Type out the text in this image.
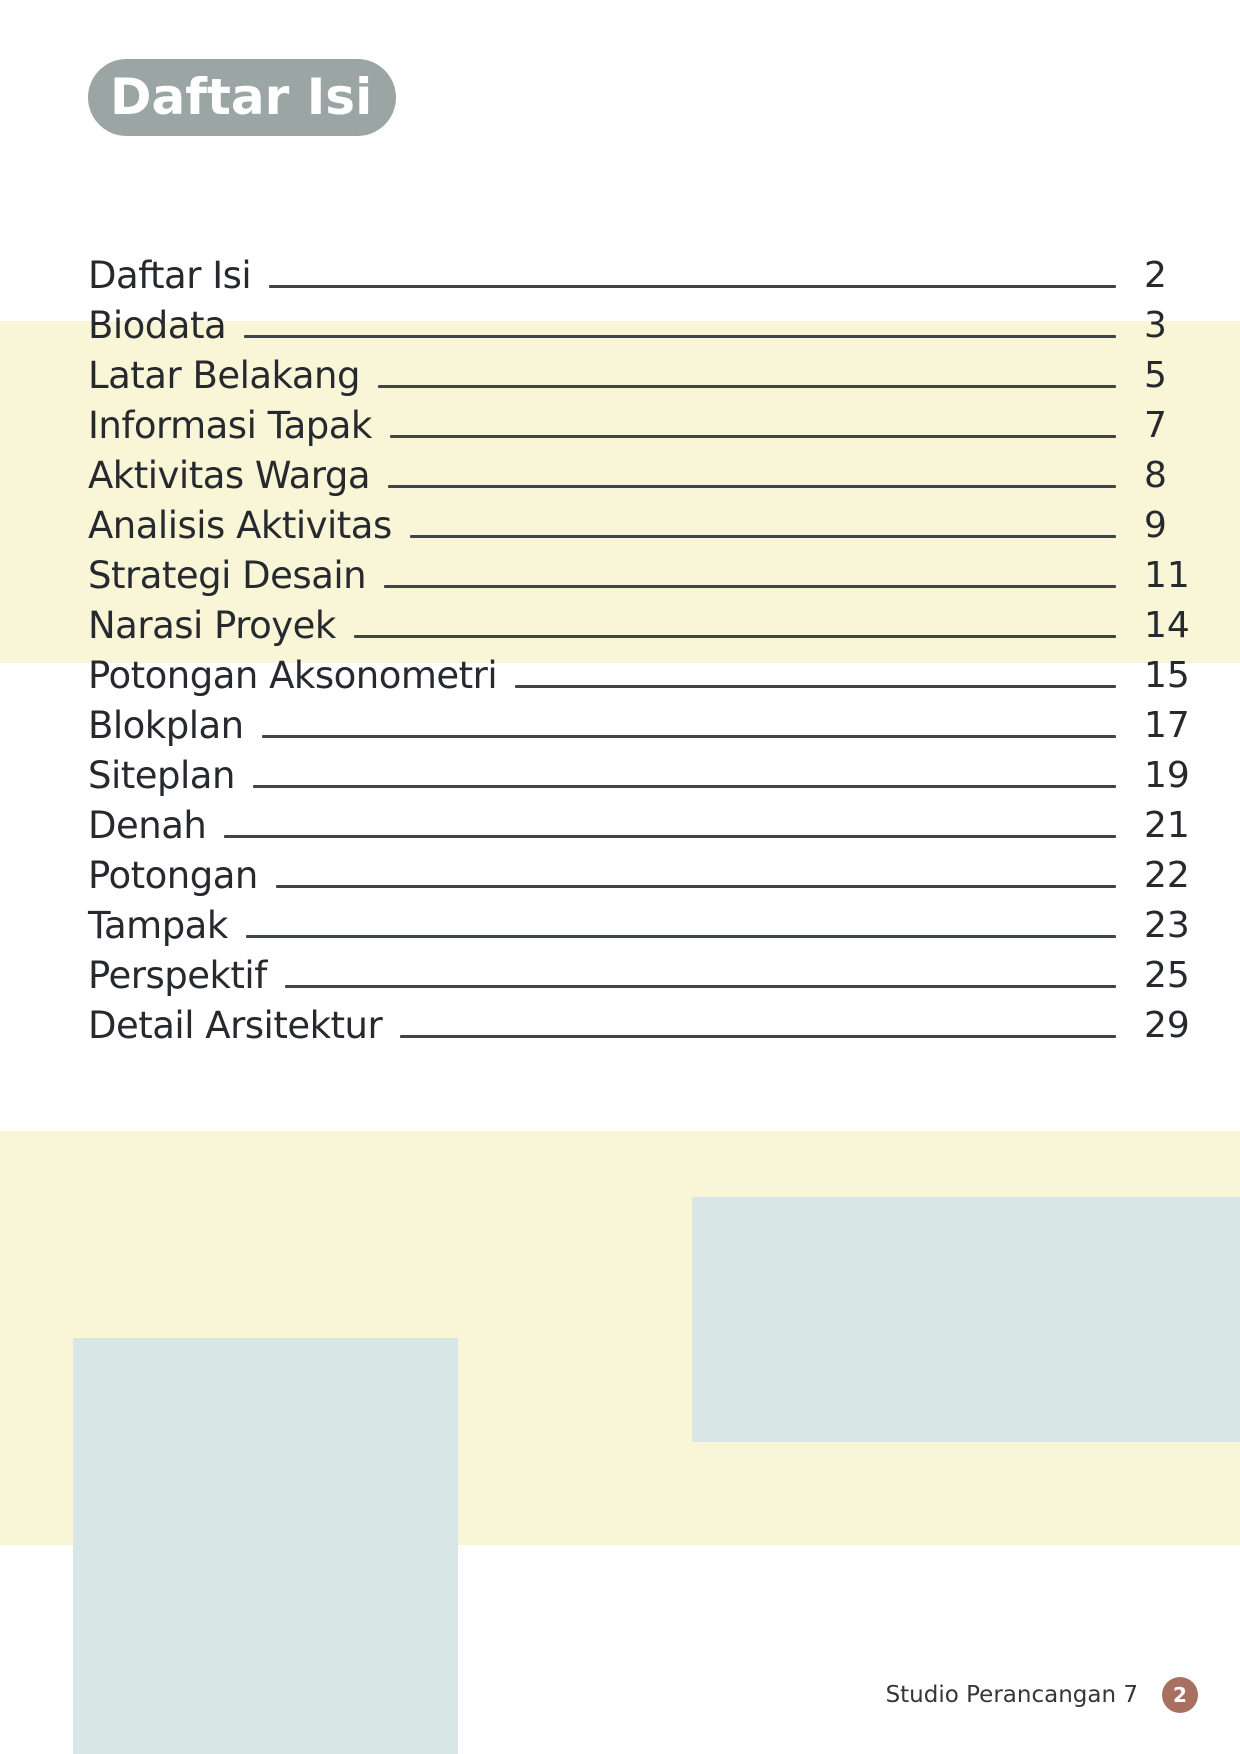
Daftar Isi
Daftar Isi	2
Biodata	3
Latar Belakang	5
Informasi Tapak	7
Aktivitas Warga	8
Analisis Aktivitas	9
Strategi Desain	11
Narasi Proyek	14
Potongan Aksonometri	15
Blokplan	17
Siteplan	19
Denah	21
Potongan	22
Tampak	23
Perspektif	25
Detail Arsitektur	29
Studio Perancangan 7	2
